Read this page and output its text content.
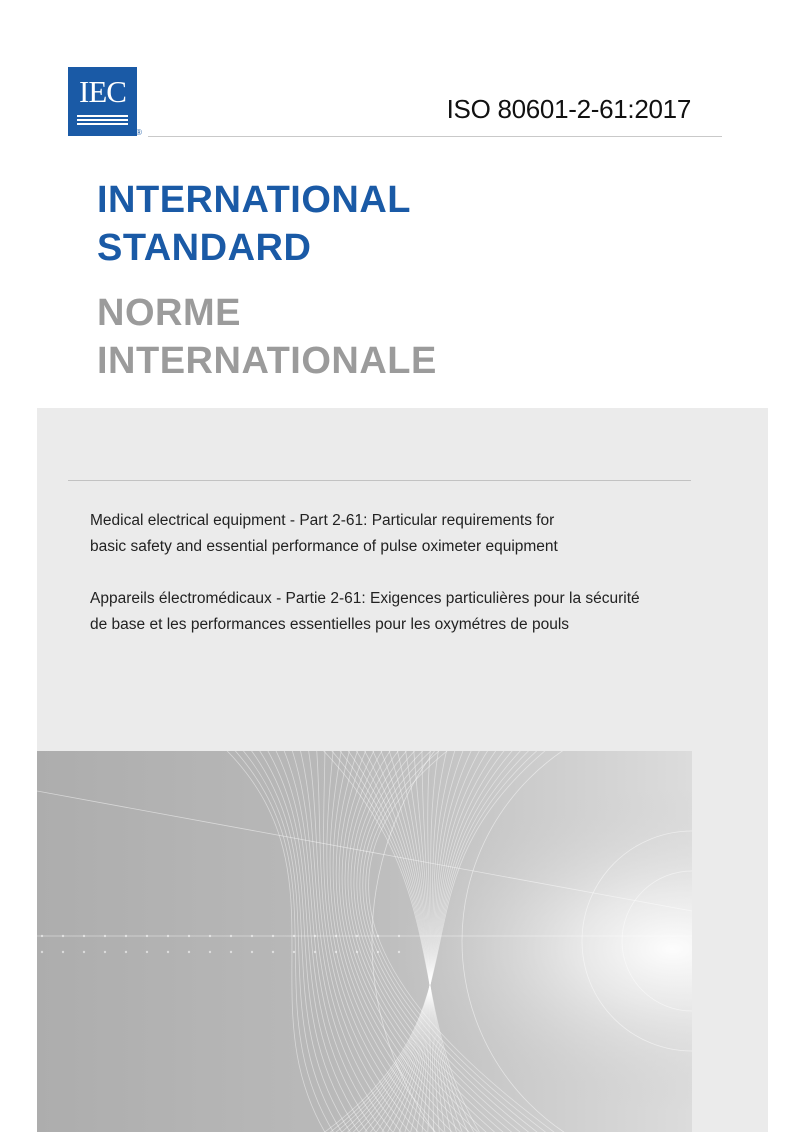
IEC
®
ISO 80601-2-61:2017
INTERNATIONAL
STANDARD
NORME
INTERNATIONALE
Medical electrical equipment - Part 2-61: Particular requirements for
basic safety and essential performance of pulse oximeter equipment
Appareils électromédicaux - Partie 2-61: Exigences particulières pour la sécurité
de base et les performances essentielles pour les oxymétres de pouls
